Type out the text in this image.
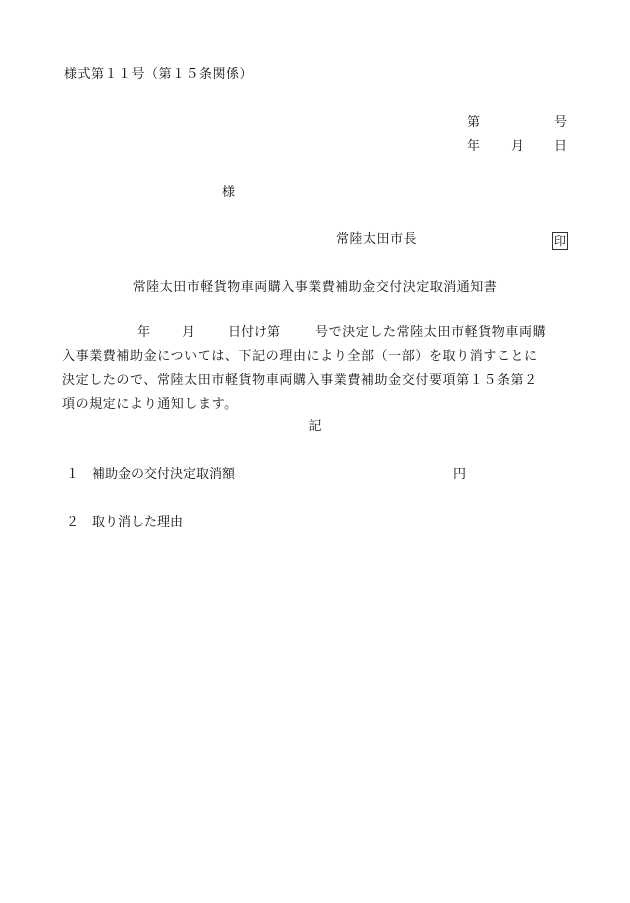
様式第１１号（第１５条関係）
第	号
年 月 日
様
常陸太田市長	印
常陸太田市軽貨物車両購入事業費補助金交付決定取消通知書
年 月	日付け第	号で決定した常陸太田市軽貨物車両購
入事業費補助金については、下記の理由により全部（一部）を取り消すことに
決定したので、常陸太田市軽貨物車両購入事業費補助金交付要項第１５条第２
項の規定により通知します。
記
１ 補助金の交付決定取消額	円
２ 取り消した理由
